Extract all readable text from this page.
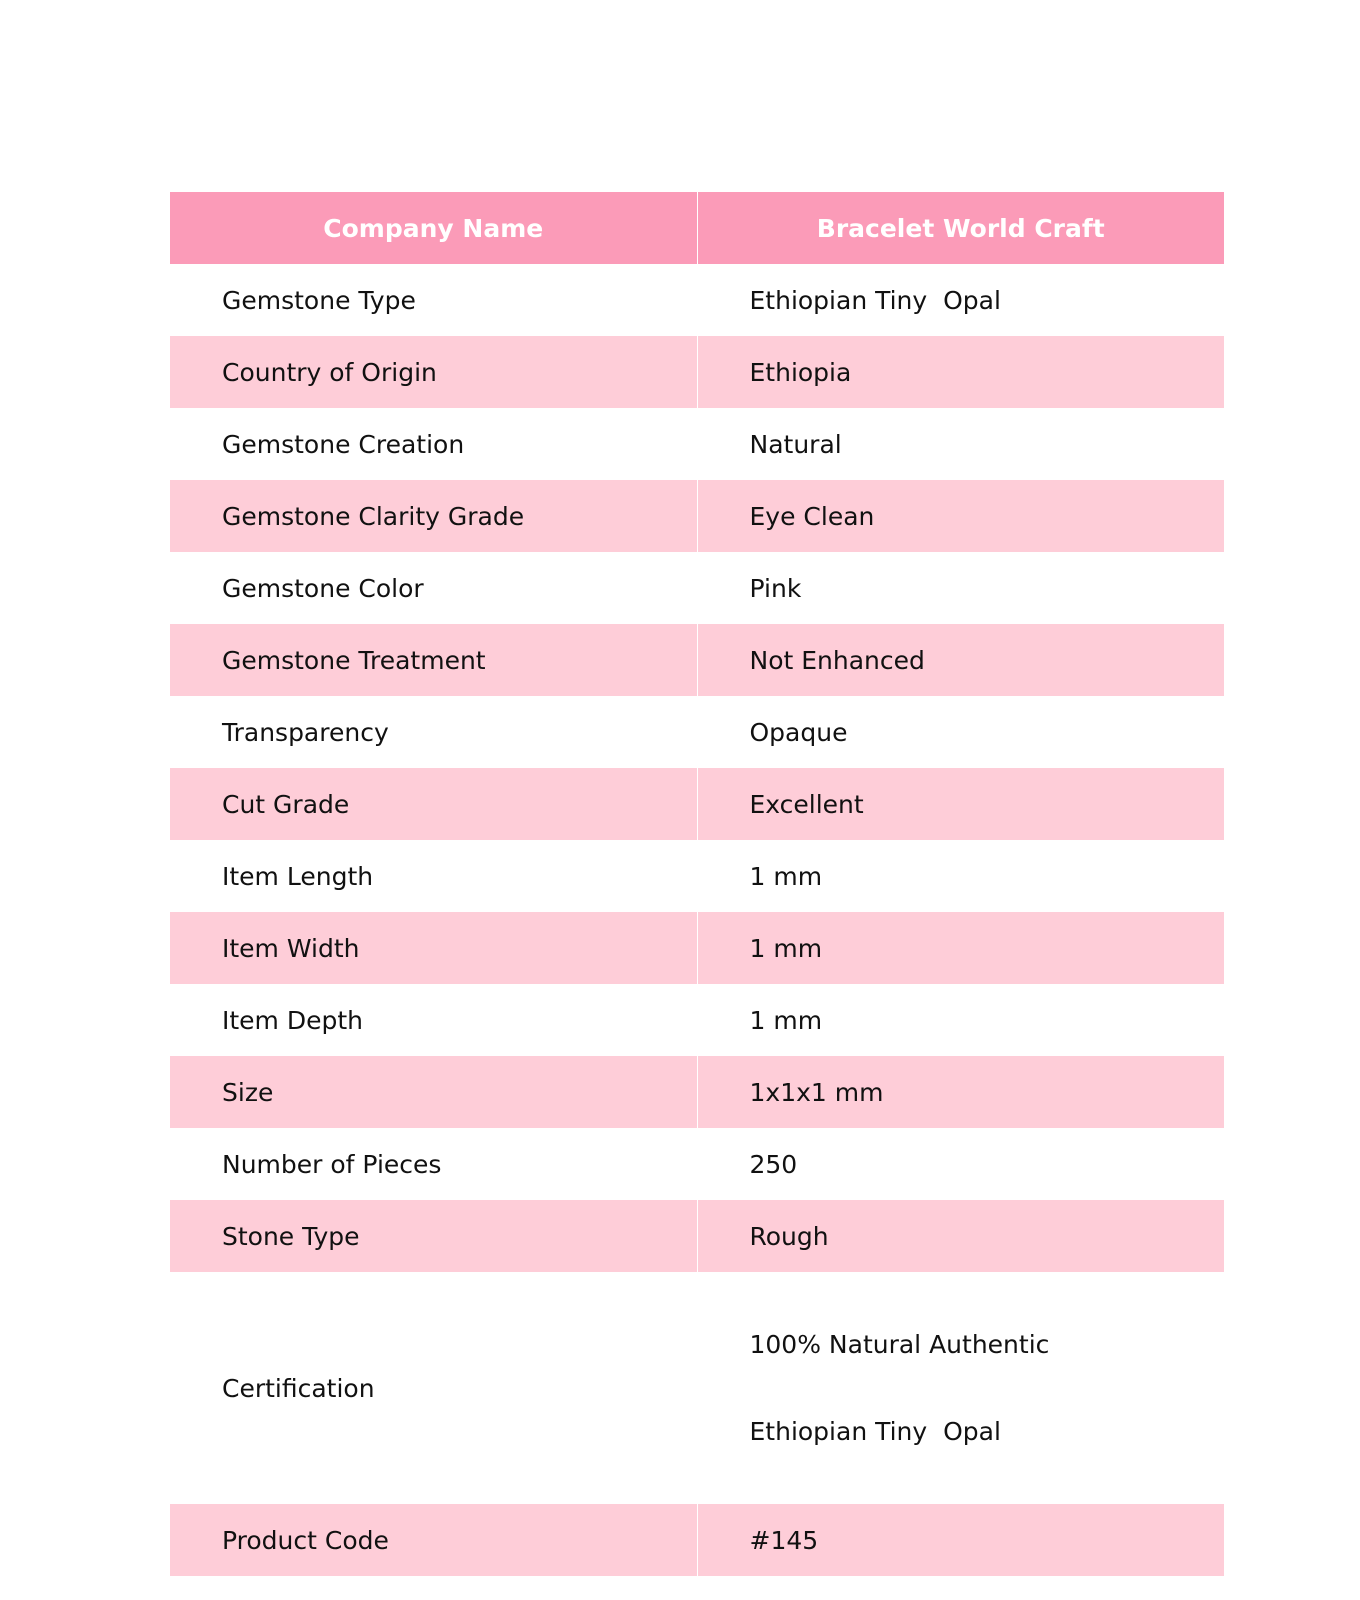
Company Name	Bracelet World Craft
Gemstone Type	Ethiopian Tiny  Opal
Country of Origin	Ethiopia
Gemstone Creation	Natural
Gemstone Clarity Grade	Eye Clean
Gemstone Color	Pink
Gemstone Treatment	Not Enhanced
Transparency	Opaque
Cut Grade	Excellent
Item Length	1 mm
Item Width	1 mm
Item Depth	1 mm
Size	1x1x1 mm
Number of Pieces	250
Stone Type	Rough
Certification	100% Natural Authentic

Ethiopian Tiny  Opal

Product Code	#145
